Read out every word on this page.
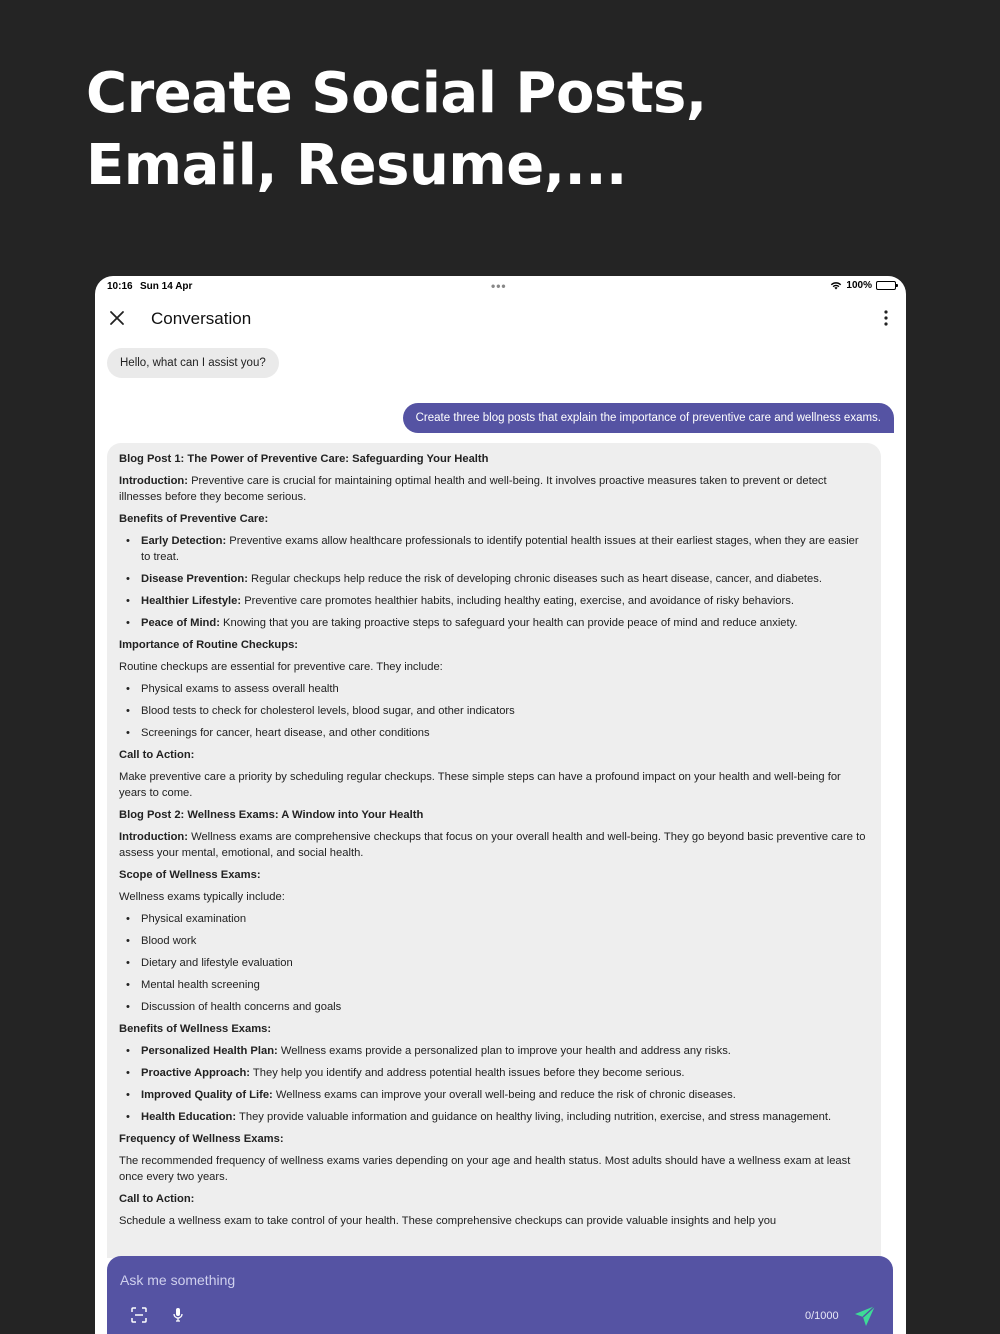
Create Social Posts,
Email, Resume,...
10:16 Sun 14 Apr	•••	100%
Conversation
Hello, what can I assist you?
Create three blog posts that explain the importance of preventive care and wellness exams.

Blog Post 1: The Power of Preventive Care: Safeguarding Your Health

Introduction: Preventive care is crucial for maintaining optimal health and well-being. It involves proactive measures taken to prevent or detect illnesses before they become serious.

Benefits of Preventive Care:

• Early Detection: Preventive exams allow healthcare professionals to identify potential health issues at their earliest stages, when they are easier to treat.
• Disease Prevention: Regular checkups help reduce the risk of developing chronic diseases such as heart disease, cancer, and diabetes.
• Healthier Lifestyle: Preventive care promotes healthier habits, including healthy eating, exercise, and avoidance of risky behaviors.
• Peace of Mind: Knowing that you are taking proactive steps to safeguard your health can provide peace of mind and reduce anxiety.

Importance of Routine Checkups:

Routine checkups are essential for preventive care. They include:

• Physical exams to assess overall health
• Blood tests to check for cholesterol levels, blood sugar, and other indicators
• Screenings for cancer, heart disease, and other conditions

Call to Action:

Make preventive care a priority by scheduling regular checkups. These simple steps can have a profound impact on your health and well-being for years to come.

Blog Post 2: Wellness Exams: A Window into Your Health

Introduction: Wellness exams are comprehensive checkups that focus on your overall health and well-being. They go beyond basic preventive care to assess your mental, emotional, and social health.

Scope of Wellness Exams:

Wellness exams typically include:

• Physical examination
• Blood work
• Dietary and lifestyle evaluation
• Mental health screening
• Discussion of health concerns and goals

Benefits of Wellness Exams:

• Personalized Health Plan: Wellness exams provide a personalized plan to improve your health and address any risks.
• Proactive Approach: They help you identify and address potential health issues before they become serious.
• Improved Quality of Life: Wellness exams can improve your overall well-being and reduce the risk of chronic diseases.
• Health Education: They provide valuable information and guidance on healthy living, including nutrition, exercise, and stress management.

Frequency of Wellness Exams:

The recommended frequency of wellness exams varies depending on your age and health status. Most adults should have a wellness exam at least once every two years.

Call to Action:

Schedule a wellness exam to take control of your health. These comprehensive checkups can provide valuable insights and help you

Ask me something
0/1000
